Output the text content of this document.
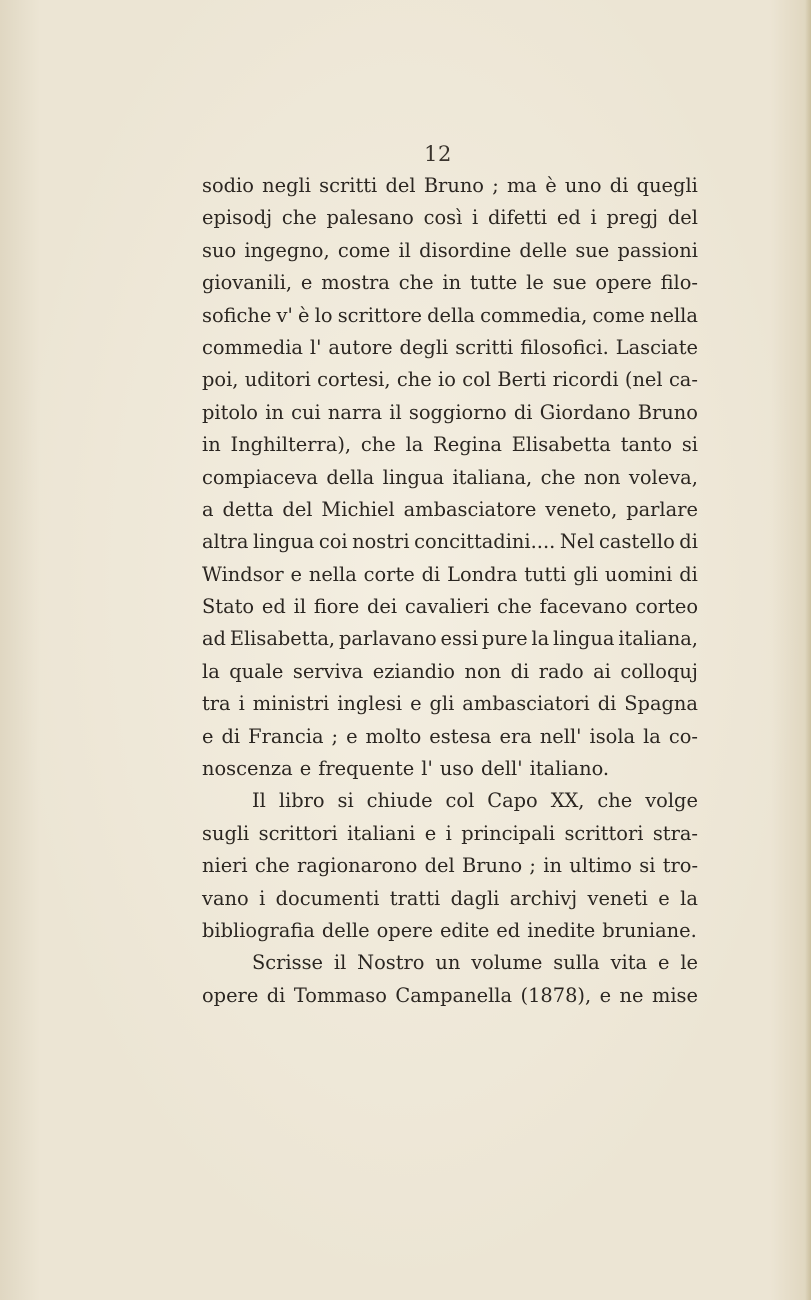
12
sodio negli scritti del Bruno ; ma è uno di quegli
episodj che palesano così i difetti ed i pregj del
suo ingegno, come il disordine delle sue passioni
giovanili, e mostra che in tutte le sue opere filo-
sofiche v' è lo scrittore della commedia, come nella
commedia l' autore degli scritti filosofici. Lasciate
poi, uditori cortesi, che io col Berti ricordi (nel ca-
pitolo in cui narra il soggiorno di Giordano Bruno
in Inghilterra), che la Regina Elisabetta tanto si
compiaceva della lingua italiana, che non voleva,
a detta del Michiel ambasciatore veneto, parlare
altra lingua coi nostri concittadini.... Nel castello di
Windsor e nella corte di Londra tutti gli uomini di
Stato ed il fiore dei cavalieri che facevano corteo
ad Elisabetta, parlavano essi pure la lingua italiana,
la quale serviva eziandio non di rado ai colloquj
tra i ministri inglesi e gli ambasciatori di Spagna
e di Francia ; e molto estesa era nell' isola la co-
noscenza e frequente l' uso dell' italiano.
Il libro si chiude col Capo XX, che volge
sugli scrittori italiani e i principali scrittori stra-
nieri che ragionarono del Bruno ; in ultimo si tro-
vano i documenti tratti dagli archivj veneti e la
bibliografia delle opere edite ed inedite bruniane.
Scrisse il Nostro un volume sulla vita e le
opere di Tommaso Campanella (1878), e ne mise
